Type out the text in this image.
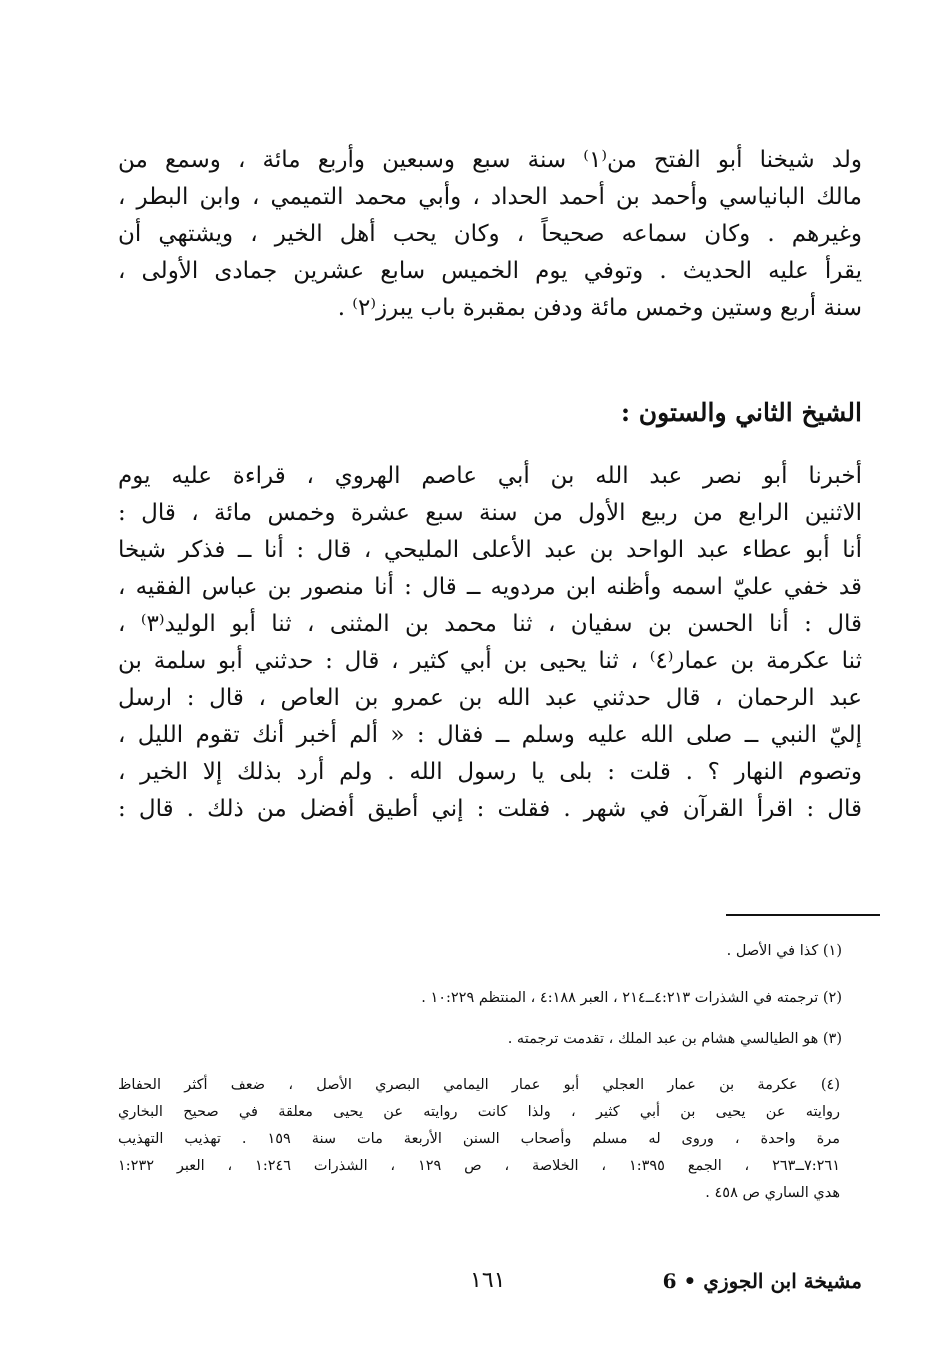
ولد شيخنا أبو الفتح من⁽١⁾ سنة سبع وسبعين وأربع مائة ، وسمع من
مالك البانياسي وأحمد بن أحمد الحداد ، وأبي محمد التميمي ، وابن البطر ،
وغيرهم . وكان سماعه صحيحاً ، وكان يحب أهل الخير ، ويشتهي أن
يقرأ عليه الحديث . وتوفي يوم الخميس سابع عشرين جمادى الأولى ،
سنة أربع وستين وخمس مائة ودفن بمقبرة باب يبرز⁽٢⁾ .
الشيخ الثاني والستون :
أخبرنا أبو نصر عبد الله بن أبي عاصم الهروي ، قراءة عليه يوم
الاثنين الرابع من ربيع الأول من سنة سبع عشرة وخمس مائة ، قال :
أنا أبو عطاء عبد الواحد بن عبد الأعلى المليحي ، قال : أنا ــ فذكر شيخا
قد خفي عليّ اسمه وأظنه ابن مردويه ــ قال : أنا منصور بن عباس الفقيه ،
قال : أنا الحسن بن سفيان ، ثنا محمد بن المثنى ، ثنا أبو الوليد⁽٣⁾ ،
ثنا عكرمة بن عمار⁽٤⁾ ، ثنا يحيى بن أبي كثير ، قال : حدثني أبو سلمة بن
عبد الرحمان ، قال حدثني عبد الله بن عمرو بن العاص ، قال : ارسل
إليّ النبي ــ صلى الله عليه وسلم ــ فقال : « ألم أخبر أنك تقوم الليل ،
وتصوم النهار ؟ . قلت : بلى يا رسول الله . ولم أرد بذلك إلا الخير ،
قال : اقرأ القرآن في شهر . فقلت : إني أطيق أفضل من ذلك . قال :
(١) كذا في الأصل .
(٢) ترجمته في الشذرات ٤:٢١٣ــ٢١٤ ، العبر ٤:١٨٨ ، المنتظم ١٠:٢٢٩ .
(٣) هو الطيالسي هشام بن عبد الملك ، تقدمت ترجمته .
(٤) عكرمة بن عمار العجلي أبو عمار اليمامي البصري الأصل ، ضعف أكثر الحفاظ
روايته عن يحيى بن أبي كثير ، ولذا كانت روايته عن يحيى معلقة في صحيح البخاري
مرة واحدة ، وروى له مسلم وأصحاب السنن الأربعة مات سنة ١٥٩ . تهذيب التهذيب
٧:٢٦١ــ٢٦٣ ، الجمع ١:٣٩٥ ، الخلاصة ، ص ١٢٩ ، الشذرات ١:٢٤٦ ، العبر ١:٢٣٢
هدي الساري ص ٤٥٨ .
مشيخة ابن الجوزي • 6
١٦١
